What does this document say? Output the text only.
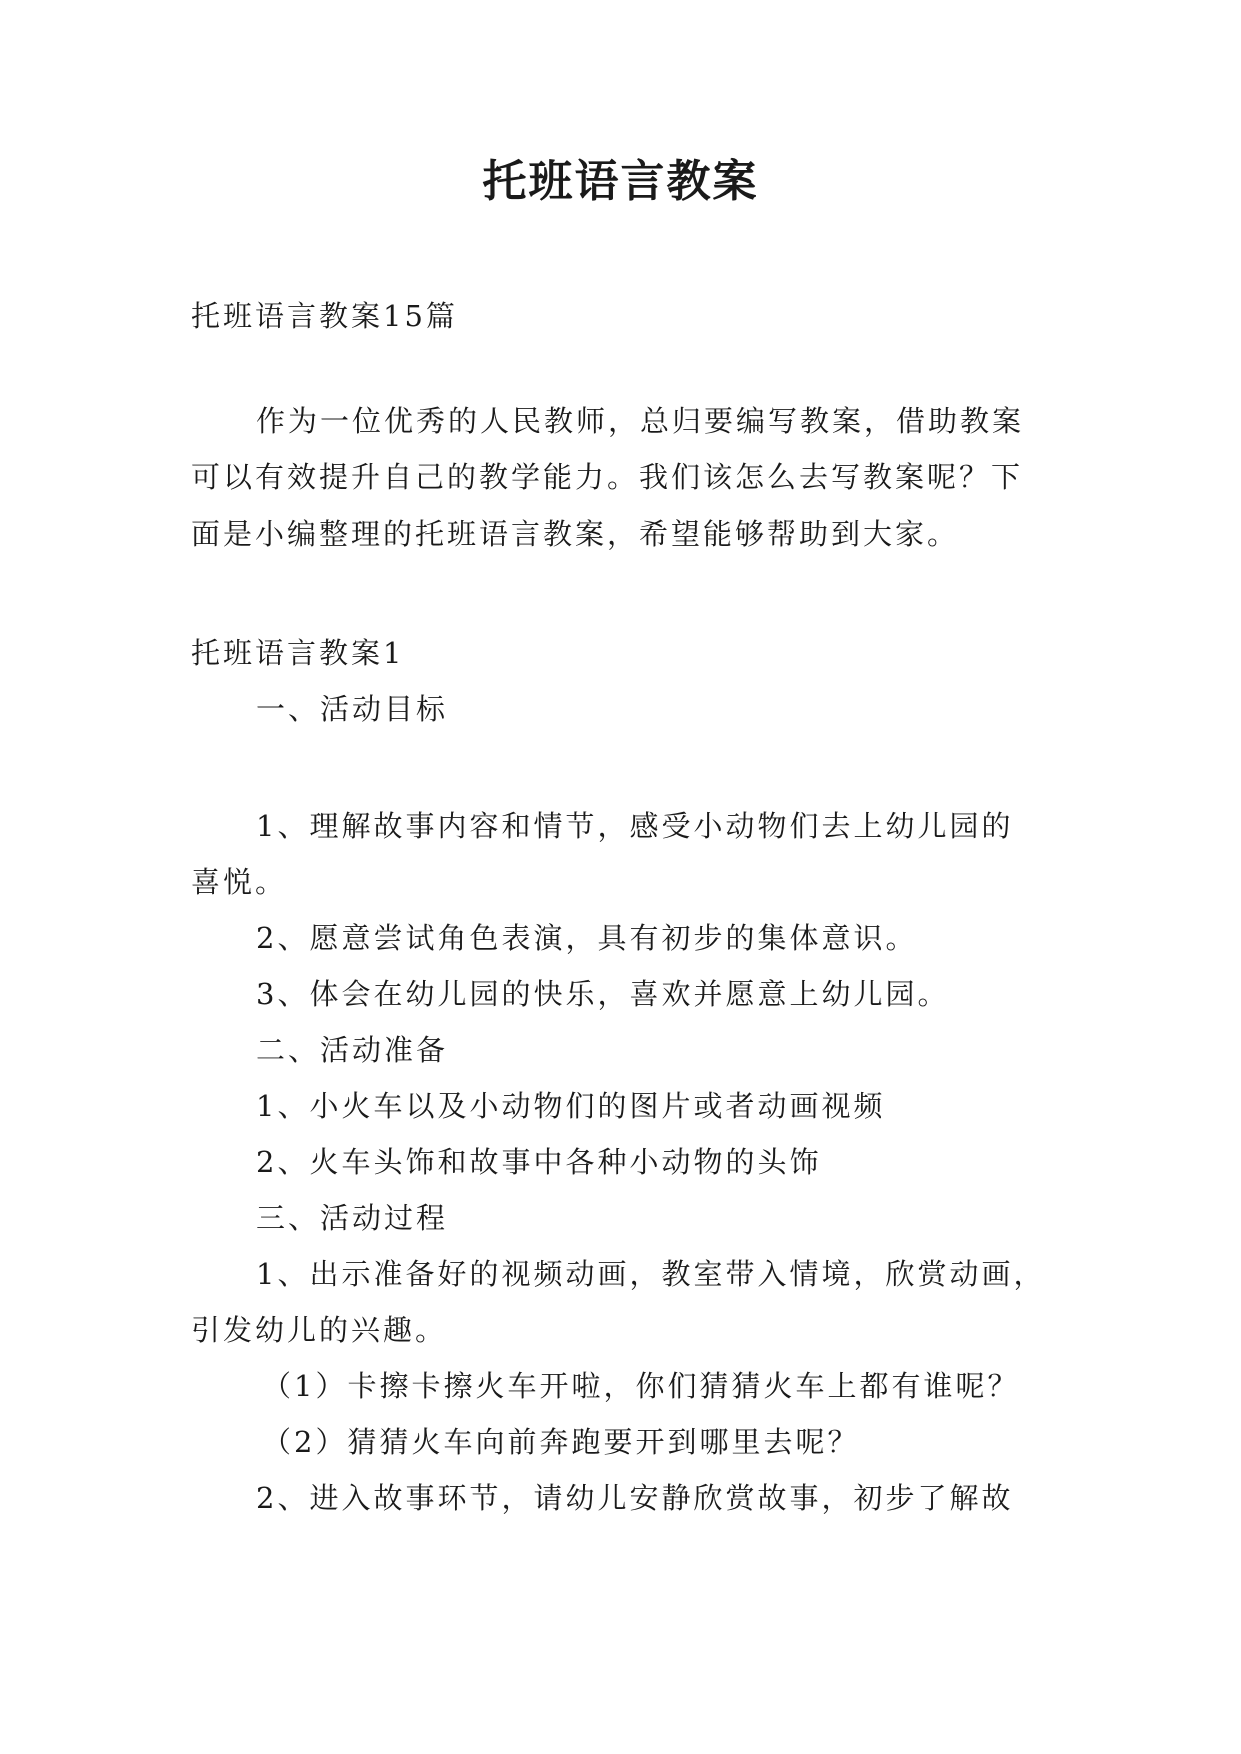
托班语言教案
托班语言教案15篇
作为一位优秀的人民教师，总归要编写教案，借助教案
可以有效提升自己的教学能力。我们该怎么去写教案呢？下
面是小编整理的托班语言教案，希望能够帮助到大家。
托班语言教案1
一、活动目标
1、理解故事内容和情节，感受小动物们去上幼儿园的
喜悦。
2、愿意尝试角色表演，具有初步的集体意识。
3、体会在幼儿园的快乐，喜欢并愿意上幼儿园。
二、活动准备
1、小火车以及小动物们的图片或者动画视频
2、火车头饰和故事中各种小动物的头饰
三、活动过程
1、出示准备好的视频动画，教室带入情境，欣赏动画，
引发幼儿的兴趣。
（1）卡擦卡擦火车开啦，你们猜猜火车上都有谁呢？
（2）猜猜火车向前奔跑要开到哪里去呢？
2、进入故事环节，请幼儿安静欣赏故事，初步了解故
